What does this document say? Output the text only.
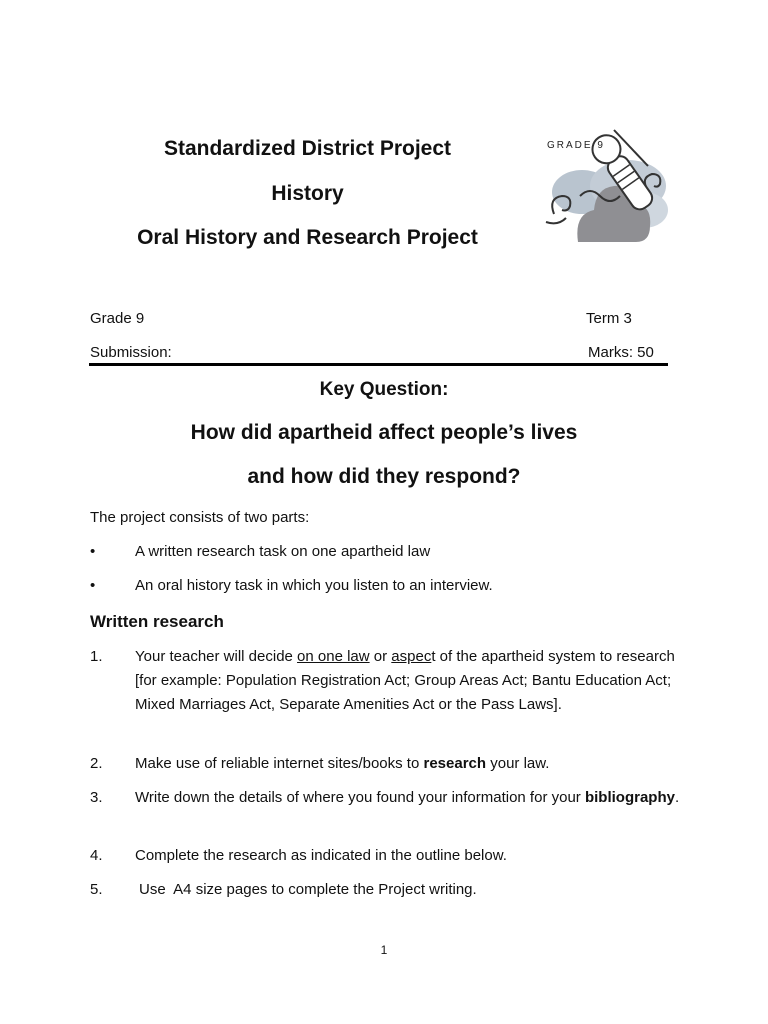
Standardized District Project
History
Oral History and Research Project
GRADE 9
Grade 9	Term 3
Submission:	Marks: 50
Key Question:
How did apartheid affect people’s lives
and how did they respond?
The project consists of two parts:
•	A written research task on one apartheid law
•	An oral history task in which you listen to an interview.
Written research
1. Your teacher will decide on one law or aspect of the apartheid system to research [for example: Population Registration Act; Group Areas Act; Bantu Education Act; Mixed Marriages Act, Separate Amenities Act or the Pass Laws].
2. Make use of reliable internet sites/books to research your law.
3. Write down the details of where you found your information for your bibliography.
4. Complete the research as indicated in the outline below.
5. Use  A4 size pages to complete the Project writing.
1
